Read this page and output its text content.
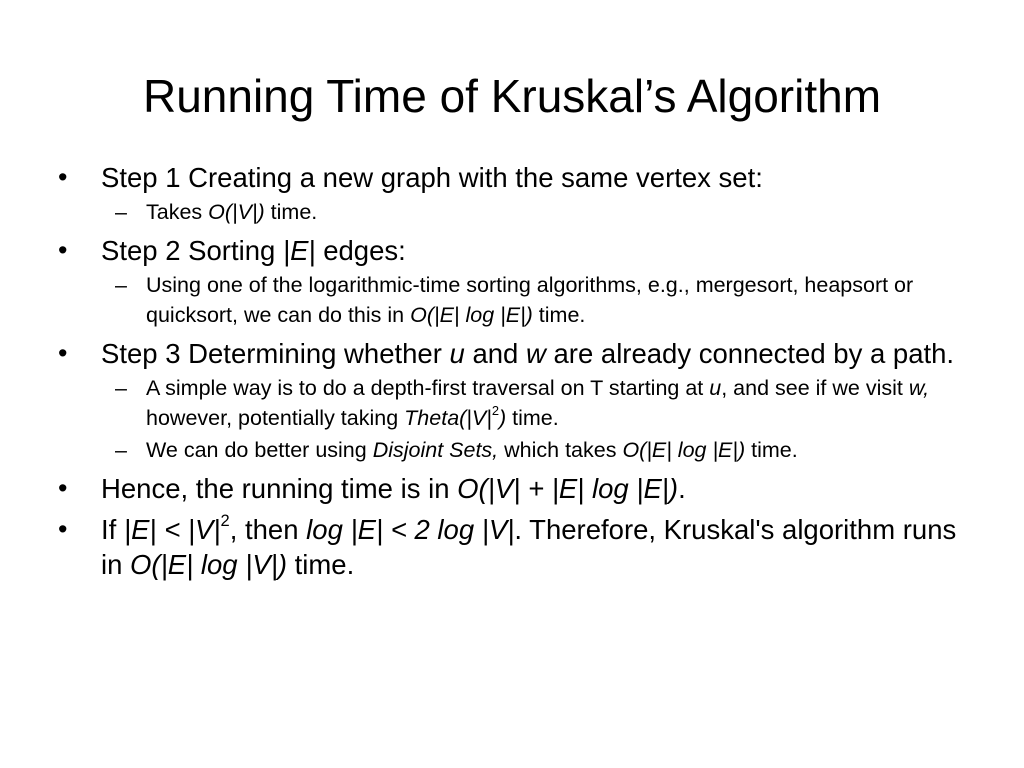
Running Time of Kruskal’s Algorithm
• Step 1 Creating a new graph with the same vertex set:
– Takes O(|V|) time.
• Step 2 Sorting |E| edges:
– Using one of the logarithmic-time sorting algorithms, e.g., mergesort, heapsort or quicksort, we can do this in O(|E| log |E|) time.
• Step 3 Determining whether u and w are already connected by a path.
– A simple way is to do a depth-first traversal on T starting at u, and see if we visit w, however, potentially taking $Theta(|V|^2)$ time.
– We can do better using Disjoint Sets, which takes O(|E| log |E|) time.
• Hence, the running time is in O(|V| + |E| log |E|).
• If $|E| < |V|^2$, then log |E| < 2 log |V|. Therefore, Kruskal's algorithm runs in O(|E| log |V|) time.
